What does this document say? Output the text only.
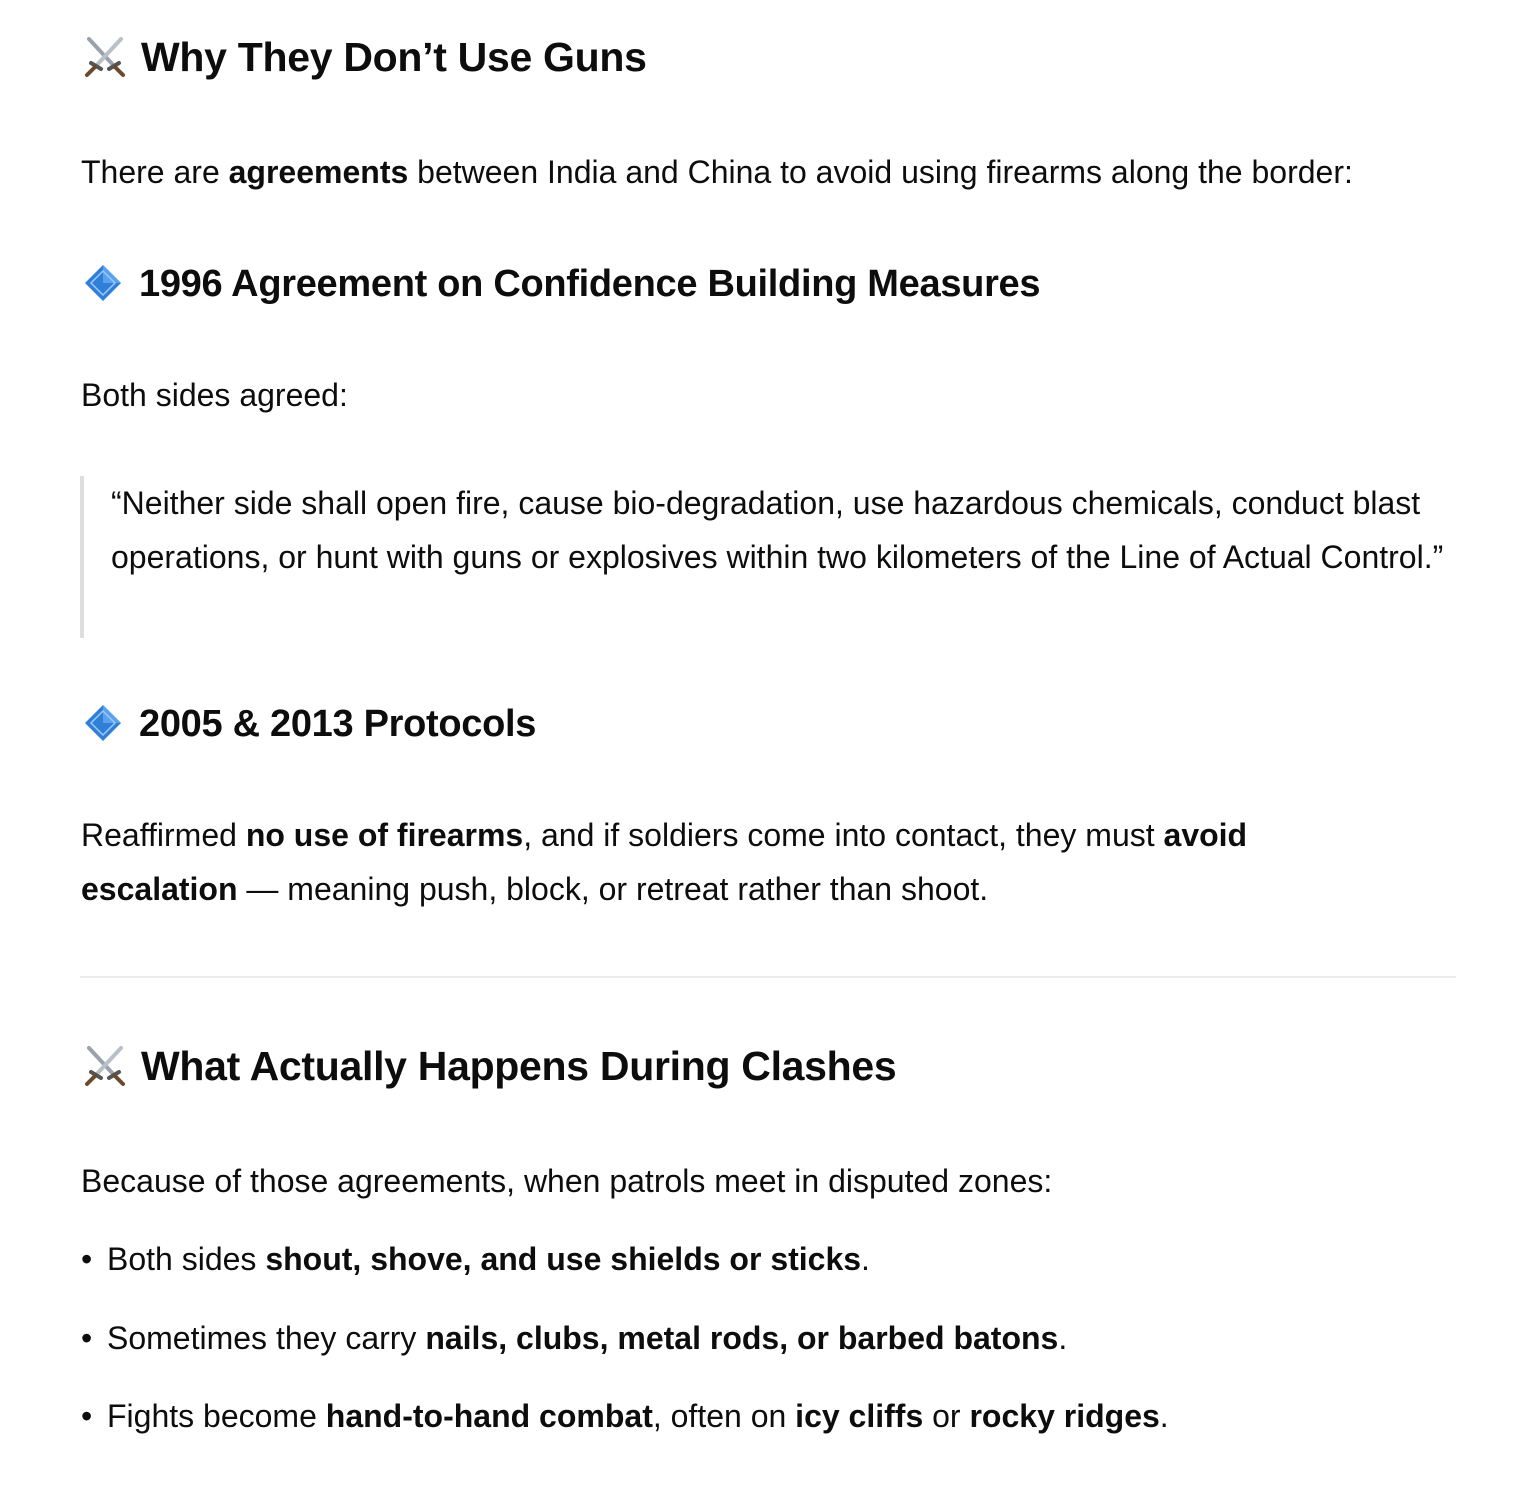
Why They Don’t Use Guns
There are agreements between India and China to avoid using firearms along the border:
1996 Agreement on Confidence Building Measures
Both sides agreed:
“Neither side shall open fire, cause bio-degradation, use hazardous chemicals, conduct blast operations, or hunt with guns or explosives within two kilometers of the Line of Actual Control.”
2005 & 2013 Protocols
Reaffirmed no use of firearms, and if soldiers come into contact, they must avoid
escalation — meaning push, block, or retreat rather than shoot.
What Actually Happens During Clashes
Because of those agreements, when patrols meet in disputed zones:
• Both sides shout, shove, and use shields or sticks.
• Sometimes they carry nails, clubs, metal rods, or barbed batons.
• Fights become hand-to-hand combat, often on icy cliffs or rocky ridges.
